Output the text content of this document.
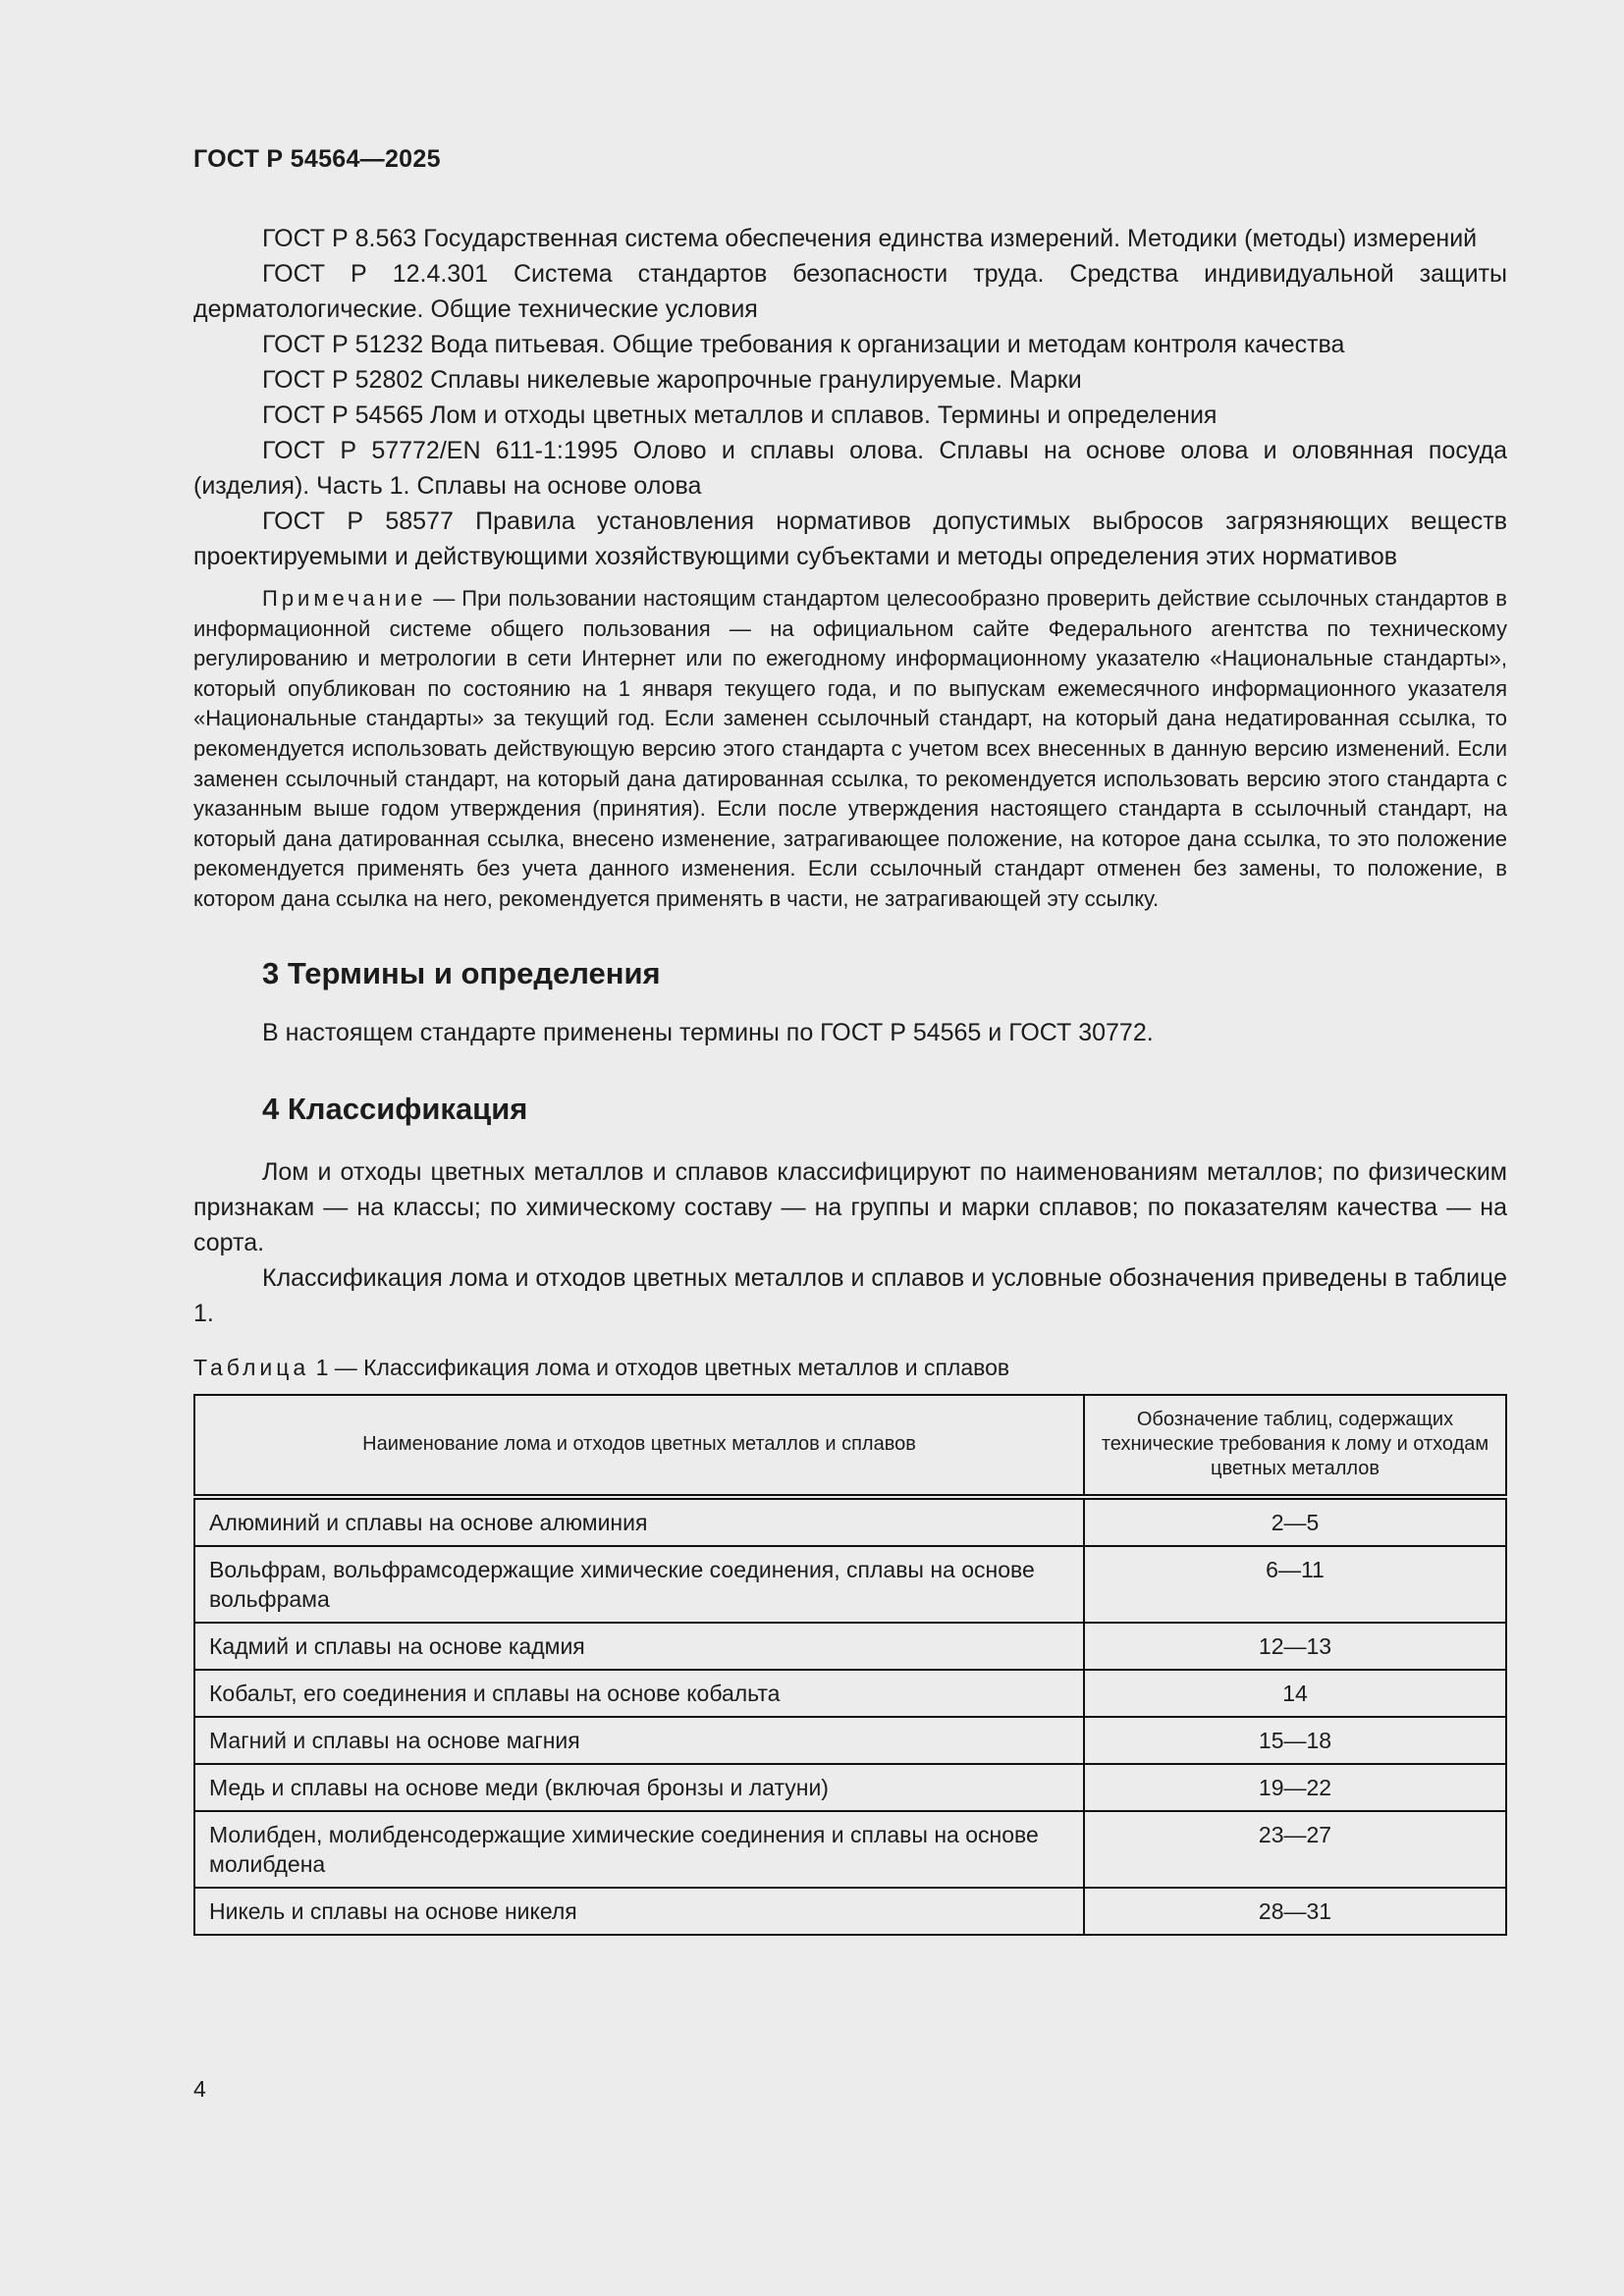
ГОСТ Р 54564—2025

ГОСТ Р 8.563 Государственная система обеспечения единства измерений. Методики (методы) измерений

ГОСТ Р 12.4.301 Система стандартов безопасности труда. Средства индивидуальной защиты дерматологические. Общие технические условия

ГОСТ Р 51232 Вода питьевая. Общие требования к организации и методам контроля качества

ГОСТ Р 52802 Сплавы никелевые жаропрочные гранулируемые. Марки

ГОСТ Р 54565 Лом и отходы цветных металлов и сплавов. Термины и определения

ГОСТ Р 57772/EN 611-1:1995 Олово и сплавы олова. Сплавы на основе олова и оловянная посуда (изделия). Часть 1. Сплавы на основе олова

ГОСТ Р 58577 Правила установления нормативов допустимых выбросов загрязняющих веществ проектируемыми и действующими хозяйствующими субъектами и методы определения этих нормативов

Примечание — При пользовании настоящим стандартом целесообразно проверить действие ссылочных стандартов в информационной системе общего пользования — на официальном сайте Федерального агентства по техническому регулированию и метрологии в сети Интернет или по ежегодному информационному указателю «Национальные стандарты», который опубликован по состоянию на 1 января текущего года, и по выпускам ежемесячного информационного указателя «Национальные стандарты» за текущий год. Если заменен ссылочный стандарт, на который дана недатированная ссылка, то рекомендуется использовать действующую версию этого стандарта с учетом всех внесенных в данную версию изменений. Если заменен ссылочный стандарт, на который дана датированная ссылка, то рекомендуется использовать версию этого стандарта с указанным выше годом утверждения (принятия). Если после утверждения настоящего стандарта в ссылочный стандарт, на который дана датированная ссылка, внесено изменение, затрагивающее положение, на которое дана ссылка, то это положение рекомендуется применять без учета данного изменения. Если ссылочный стандарт отменен без замены, то положение, в котором дана ссылка на него, рекомендуется применять в части, не затрагивающей эту ссылку.

3 Термины и определения

В настоящем стандарте применены термины по ГОСТ Р 54565 и ГОСТ 30772.

4 Классификация

Лом и отходы цветных металлов и сплавов классифицируют по наименованиям металлов; по физическим признакам — на классы; по химическому составу — на группы и марки сплавов; по показателям качества — на сорта.

Классификация лома и отходов цветных металлов и сплавов и условные обозначения приведены в таблице 1.

Таблица 1 — Классификация лома и отходов цветных металлов и сплавов
Наименование лома и отходов цветных металлов и сплавов	Обозначение таблиц, содержащих технические требования к лому и отходам цветных металлов
Алюминий и сплавы на основе алюминия	2—5
Вольфрам, вольфрамсодержащие химические соединения, сплавы на основе вольфрама	6—11
Кадмий и сплавы на основе кадмия	12—13
Кобальт, его соединения и сплавы на основе кобальта	14
Магний и сплавы на основе магния	15—18
Медь и сплавы на основе меди (включая бронзы и латуни)	19—22
Молибден, молибденсодержащие химические соединения и сплавы на основе молибдена	23—27
Никель и сплавы на основе никеля	28—31
4
